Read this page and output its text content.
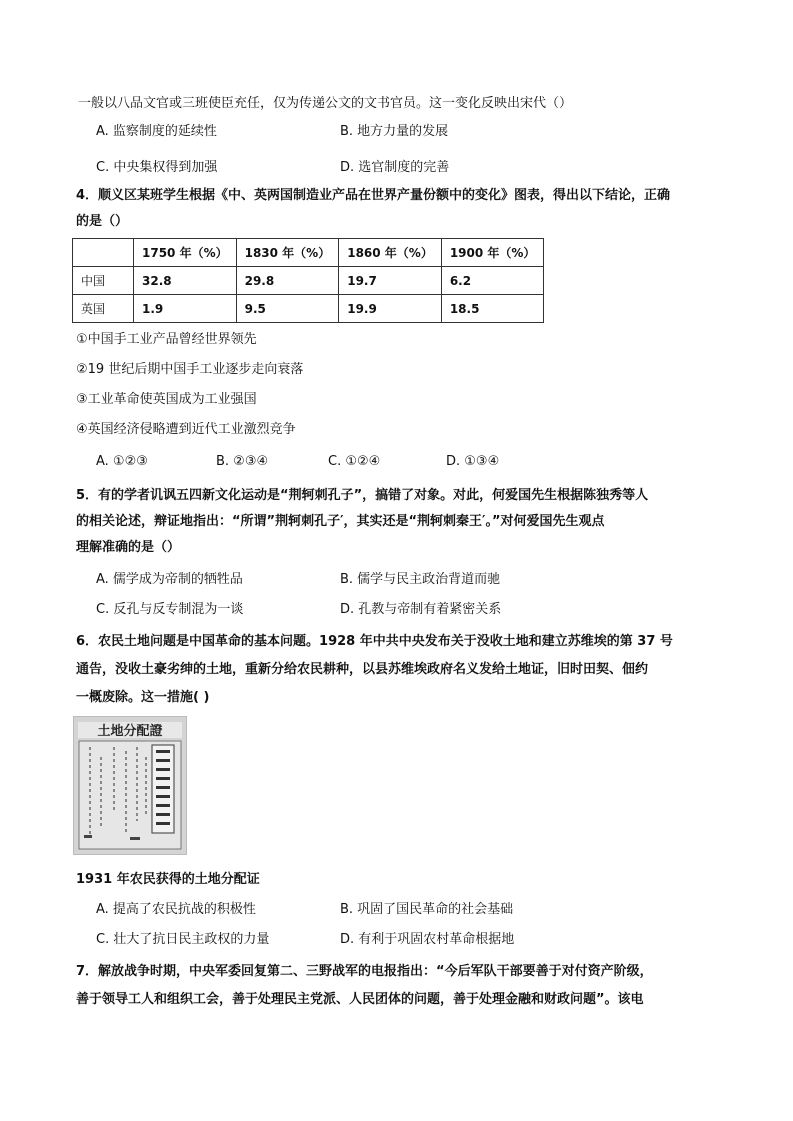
一般以八品文官或三班使臣充任，仅为传递公文的文书官员。这一变化反映出宋代（）
A. 监察制度的延续性	B. 地方力量的发展
C. 中央集权得到加强	D. 选官制度的完善
4．顺义区某班学生根据《中、英两国制造业产品在世界产量份额中的变化》图表，得出以下结论，正确
的是（）
	1750 年（%）	1830 年（%）	1860 年（%）	1900 年（%）
中国	32.8	29.8	19.7	6.2
英国	1.9	9.5	19.9	18.5
①中国手工业产品曾经世界领先
②19 世纪后期中国手工业逐步走向衰落
③工业革命使英国成为工业强国
④英国经济侵略遭到近代工业激烈竞争
A. ①②③	B. ②③④	C. ①②④	D. ①③④
5．有的学者讥讽五四新文化运动是“荆轲刺孔子”，搞错了对象。对此，何爱国先生根据陈独秀等人
的相关论述，辩证地指出：“所谓”荆轲刺孔子′，其实还是“荆轲刺秦王′。”对何爱国先生观点
理解准确的是（）
A. 儒学成为帝制的牺牲品	B. 儒学与民主政治背道而驰
C. 反孔与反专制混为一谈	D. 孔教与帝制有着紧密关系
6．农民土地问题是中国革命的基本问题。1928 年中共中央发布关于没收土地和建立苏维埃的第 37 号
通告，没收土豪劣绅的土地，重新分给农民耕种，以县苏维埃政府名义发给土地证，旧时田契、佃约
一概废除。这一措施( )
土地分配證
1931 年农民获得的土地分配证
A. 提高了农民抗战的积极性	B. 巩固了国民革命的社会基础
C. 壮大了抗日民主政权的力量	D. 有利于巩固农村革命根据地
7．解放战争时期，中央军委回复第二、三野战军的电报指出：“今后军队干部要善于对付资产阶级，
善于领导工人和组织工会，善于处理民主党派、人民团体的问题，善于处理金融和财政问题”。该电
